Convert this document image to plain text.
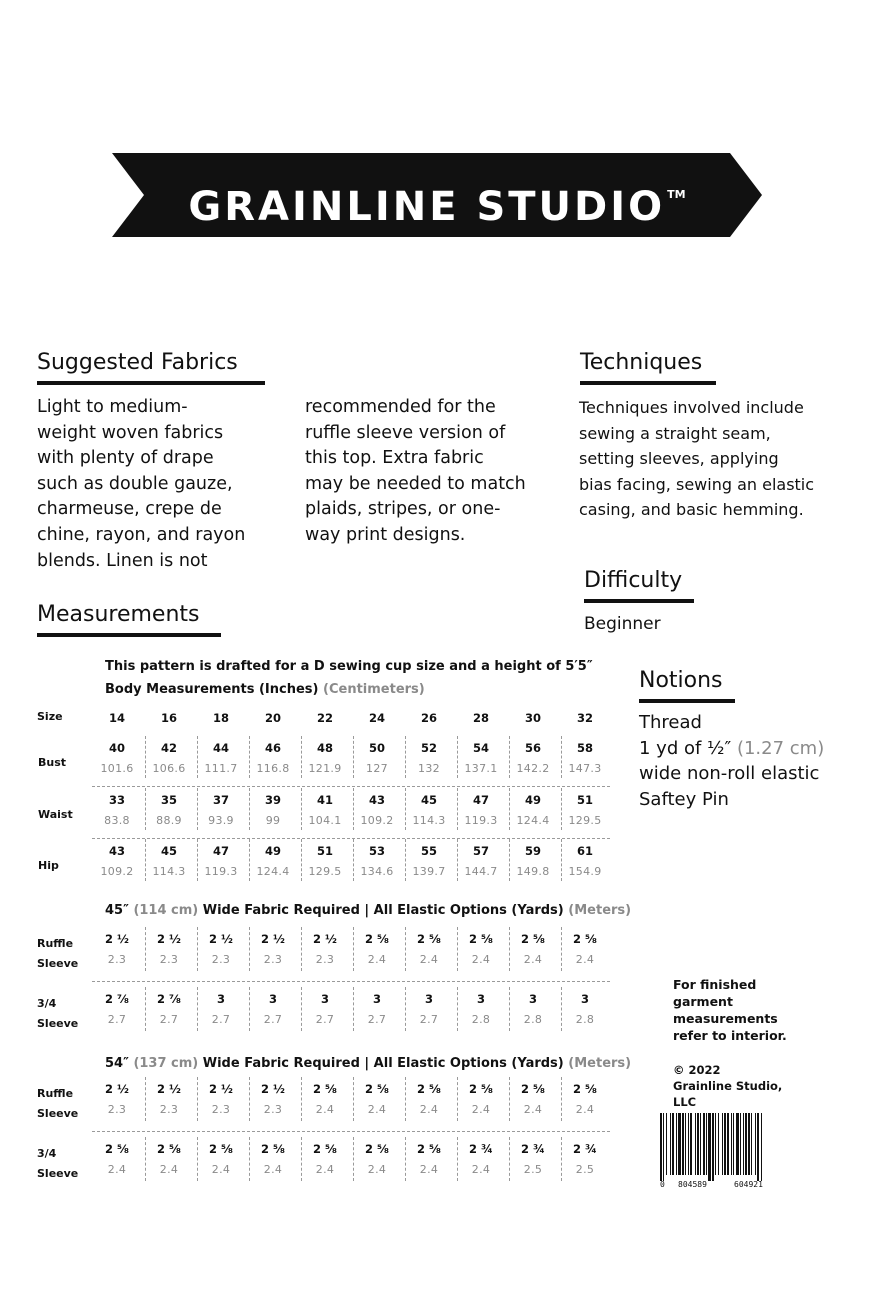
GRAINLINE STUDIO ™
Suggested Fabrics
Light to medium-
weight woven fabrics
with plenty of drape
such as double gauze,
charmeuse, crepe de
chine, rayon, and rayon
blends. Linen is not
recommended for the
ruffle sleeve version of
this top. Extra fabric
may be needed to match
plaids, stripes, or one-
way print designs.
Techniques
Techniques involved include
sewing a straight seam,
setting sleeves, applying
bias facing, sewing an elastic
casing, and basic hemming.
Difficulty
Beginner
Measurements
Notions
Thread
1 yd of ½″ (1.27 cm)
wide non-roll elastic
Saftey Pin
This pattern is drafted for a D sewing cup size and a height of 5′5″
Body Measurements (Inches) (Centimeters)
45″ (114 cm) Wide Fabric Required | All Elastic Options (Yards) (Meters)
54″ (137 cm) Wide Fabric Required | All Elastic Options (Yards) (Meters)
Size	14	16	18	20	22	24	26	28	30	32
Bust
40	42	44	46	48	50	52	54	56	58
101.6	106.6	111.7	116.8	121.9	127	132	137.1	142.2	147.3
Waist
33	35	37	39	41	43	45	47	49	51
83.8	88.9	93.9	99	104.1	109.2	114.3	119.3	124.4	129.5
Hip
43	45	47	49	51	53	55	57	59	61
109.2	114.3	119.3	124.4	129.5	134.6	139.7	144.7	149.8	154.9
Ruffle
Sleeve
2 ½	2 ½	2 ½	2 ½	2 ½	2 ⅝	2 ⅝	2 ⅝	2 ⅝	2 ⅝
2.3	2.3	2.3	2.3	2.3	2.4	2.4	2.4	2.4	2.4
3/4
Sleeve
2 ⅞	2 ⅞	3	3	3	3	3	3	3	3
2.7	2.7	2.7	2.7	2.7	2.7	2.7	2.8	2.8	2.8
Ruffle
Sleeve
2 ½	2 ½	2 ½	2 ½	2 ⅝	2 ⅝	2 ⅝	2 ⅝	2 ⅝	2 ⅝
2.3	2.3	2.3	2.3	2.4	2.4	2.4	2.4	2.4	2.4
3/4
Sleeve
2 ⅝	2 ⅝	2 ⅝	2 ⅝	2 ⅝	2 ⅝	2 ⅝	2 ¾	2 ¾	2 ¾
2.4	2.4	2.4	2.4	2.4	2.4	2.4	2.4	2.5	2.5
For finished
garment
measurements
refer to interior.
© 2022
Grainline Studio,
LLC
0 804589	604921
